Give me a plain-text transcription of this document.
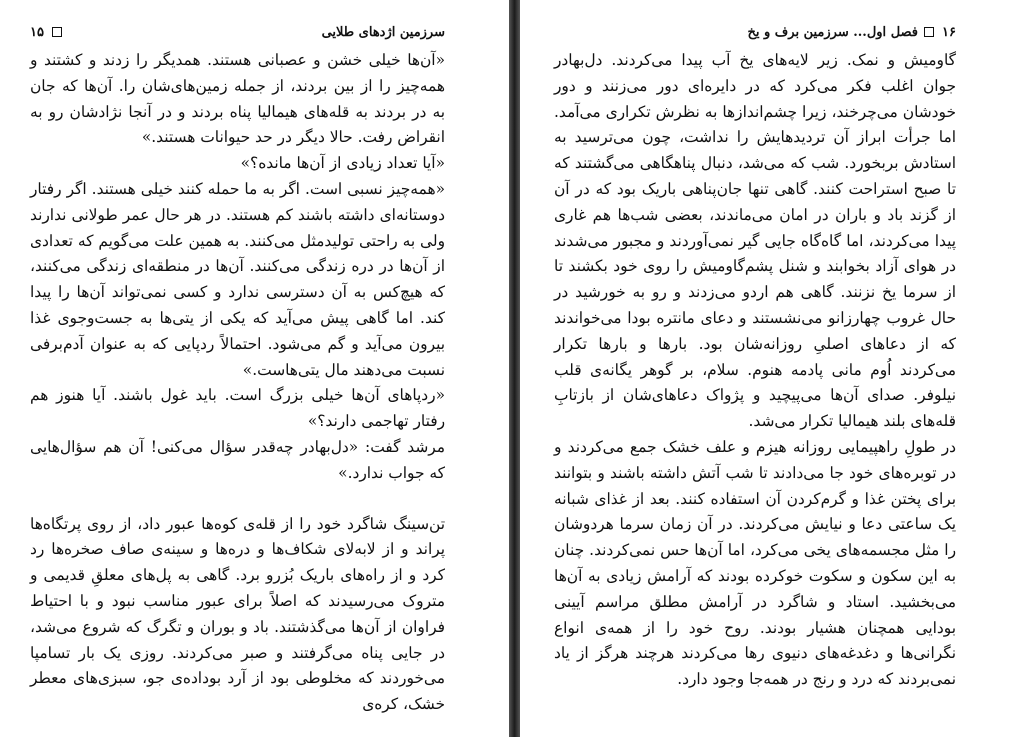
سرزمین اژدهای طلایی
۱۵

«آن‌ها خیلی خشن و عصبانی هستند. همدیگر را زدند و کشتند و همه‌چیز را از بین بردند، از جمله زمین‌های‌شان را. آن‌ها که جان به در بردند به قله‌های هیمالیا پناه بردند و در آنجا نژادشان رو به انقراض رفت. حالا دیگر در حد حیوانات هستند.»

«آیا تعداد زیادی از آن‌ها مانده؟»

«همه‌چیز نسبی است. اگر به ما حمله کنند خیلی هستند. اگر رفتار دوستانه‌ای داشته باشند کم هستند. در هر حال عمر طولانی ندارند ولی به راحتی تولیدمثل می‌کنند. به همین علت می‌گویم که تعدادی از آن‌ها در دره زندگی می‌کنند. آن‌ها در منطقه‌ای زندگی می‌کنند، که هیچ‌کس به آن دسترسی ندارد و کسی نمی‌تواند آن‌ها را پیدا کند. اما گاهی پیش می‌آید که یکی از یتی‌ها به جست‌وجوی غذا بیرون می‌آید و گم می‌شود. احتمالاً ردپایی که به عنوان آدم‌برفی نسبت می‌دهند مال یتی‌هاست.»

«ردپاهای آن‌ها خیلی بزرگ است. باید غول باشند. آیا هنوز هم رفتار تهاجمی دارند؟»

مرشد گفت: «دل‌بهادر چه‌قدر سؤال می‌کنی! آن هم سؤال‌هایی که جواب ندارد.»

تن‌سینگ شاگرد خود را از قله‌ی کوه‌ها عبور داد، از روی پرتگاه‌ها پراند و از لابه‌لای شکاف‌ها و دره‌ها و سینه‌ی صاف صخره‌ها رد کرد و از راه‌های باریک بُزرو برد. گاهی به پل‌های معلقِ قدیمی و متروک می‌رسیدند که اصلاً برای عبور مناسب نبود و با احتیاط فراوان از آن‌ها می‌گذشتند. باد و بوران و تگرگ که شروع می‌شد، در جایی پناه می‌گرفتند و صبر می‌کردند. روزی یک بار تسامپا می‌خوردند که مخلوطی بود از آرد بوداده‌ی جو، سبزی‌های معطر خشک، کره‌ی

۱۶
فصل اول... سرزمین برف و یخ

گاومیش و نمک. زیر لایه‌های یخ آب پیدا می‌کردند. دل‌بهادر جوان اغلب فکر می‌کرد که در دایره‌ای دور می‌زنند و دور خودشان می‌چرخند، زیرا چشم‌اندازها به نظرش تکراری می‌آمد. اما جرأت ابراز آن تردیدهایش را نداشت، چون می‌ترسید به استادش بربخورد. شب که می‌شد، دنبال پناهگاهی می‌گشتند که تا صبح استراحت کنند. گاهی تنها جان‌پناهی باریک بود که در آن از گزند باد و باران در امان می‌ماندند، بعضی شب‌ها هم غاری پیدا می‌کردند، اما گاه‌گاه جایی گیر نمی‌آوردند و مجبور می‌شدند در هوای آزاد بخوابند و شنل پشم‌گاومیش را روی خود بکشند تا از سرما یخ نزنند. گاهی هم اردو می‌زدند و رو به خورشید در حال غروب چهارزانو می‌نشستند و دعای مانتره بودا می‌خواندند که از دعاهای اصلیِ روزانه‌شان بود. بارها و بارها تکرار می‌کردند اُوم مانی پادمه هنوم. سلام، بر گوهر یگانه‌ی قلب نیلوفر. صدای آن‌ها می‌پیچید و پژواک دعاهای‌شان از بازتابِ قله‌های بلند هیمالیا تکرار می‌شد.

در طولِ راهپیمایی روزانه هیزم و علف خشک جمع می‌کردند و در توبره‌های خود جا می‌دادند تا شب آتش داشته باشند و بتوانند برای پختن غذا و گرم‌کردن آن استفاده کنند. بعد از غذای شبانه یک ساعتی دعا و نیایش می‌کردند. در آن زمان سرما هردوشان را مثل مجسمه‌های یخی می‌کرد، اما آن‌ها حس نمی‌کردند. چنان به این سکون و سکوت خوکرده بودند که آرامش زیادی به آن‌ها می‌بخشید. استاد و شاگرد در آرامش مطلق مراسم آیینی بودایی همچنان هشیار بودند. روح خود را از همه‌ی انواع نگرانی‌ها و دغدغه‌های دنیوی رها می‌کردند هرچند هرگز از یاد نمی‌بردند که درد و رنج در همه‌جا وجود دارد.
